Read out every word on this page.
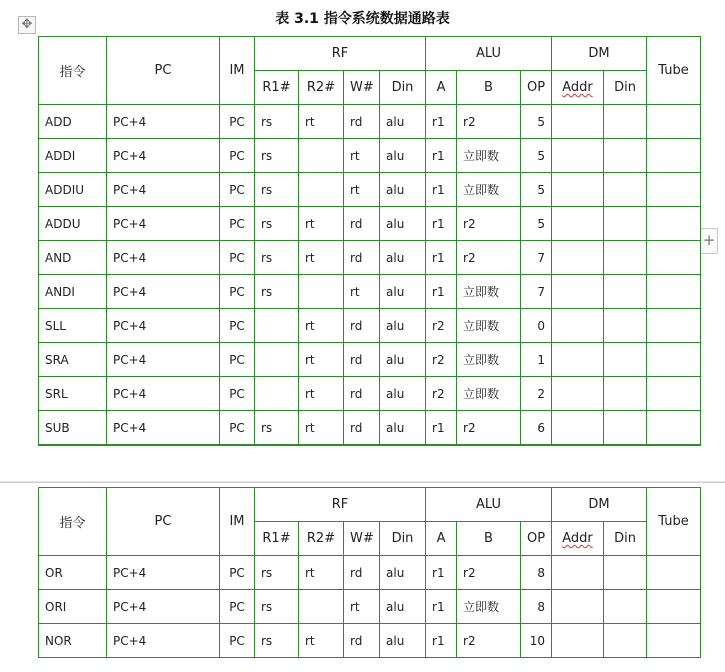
✥	表 3.1 指令系统数据通路表
+
指令	PC	IM	RF				ALU			DM		Tube
			R1#	R2#	W#	Din	A	B	OP	Addr	Din	
ADD	PC+4	PC	rs	rt	rd	alu	r1	r2	5			
ADDI	PC+4	PC	rs		rt	alu	r1	立即数	5			
ADDIU	PC+4	PC	rs		rt	alu	r1	立即数	5			
ADDU	PC+4	PC	rs	rt	rd	alu	r1	r2	5			
AND	PC+4	PC	rs	rt	rd	alu	r1	r2	7			
ANDI	PC+4	PC	rs		rt	alu	r1	立即数	7			
SLL	PC+4	PC		rt	rd	alu	r2	立即数	0			
SRA	PC+4	PC		rt	rd	alu	r2	立即数	1			
SRL	PC+4	PC		rt	rd	alu	r2	立即数	2			
SUB	PC+4	PC	rs	rt	rd	alu	r1	r2	6			
指令	PC	IM	RF				ALU			DM		Tube
			R1#	R2#	W#	Din	A	B	OP	Addr	Din	
OR	PC+4	PC	rs	rt	rd	alu	r1	r2	8			
ORI	PC+4	PC	rs		rt	alu	r1	立即数	8			
NOR	PC+4	PC	rs	rt	rd	alu	r1	r2	10			
